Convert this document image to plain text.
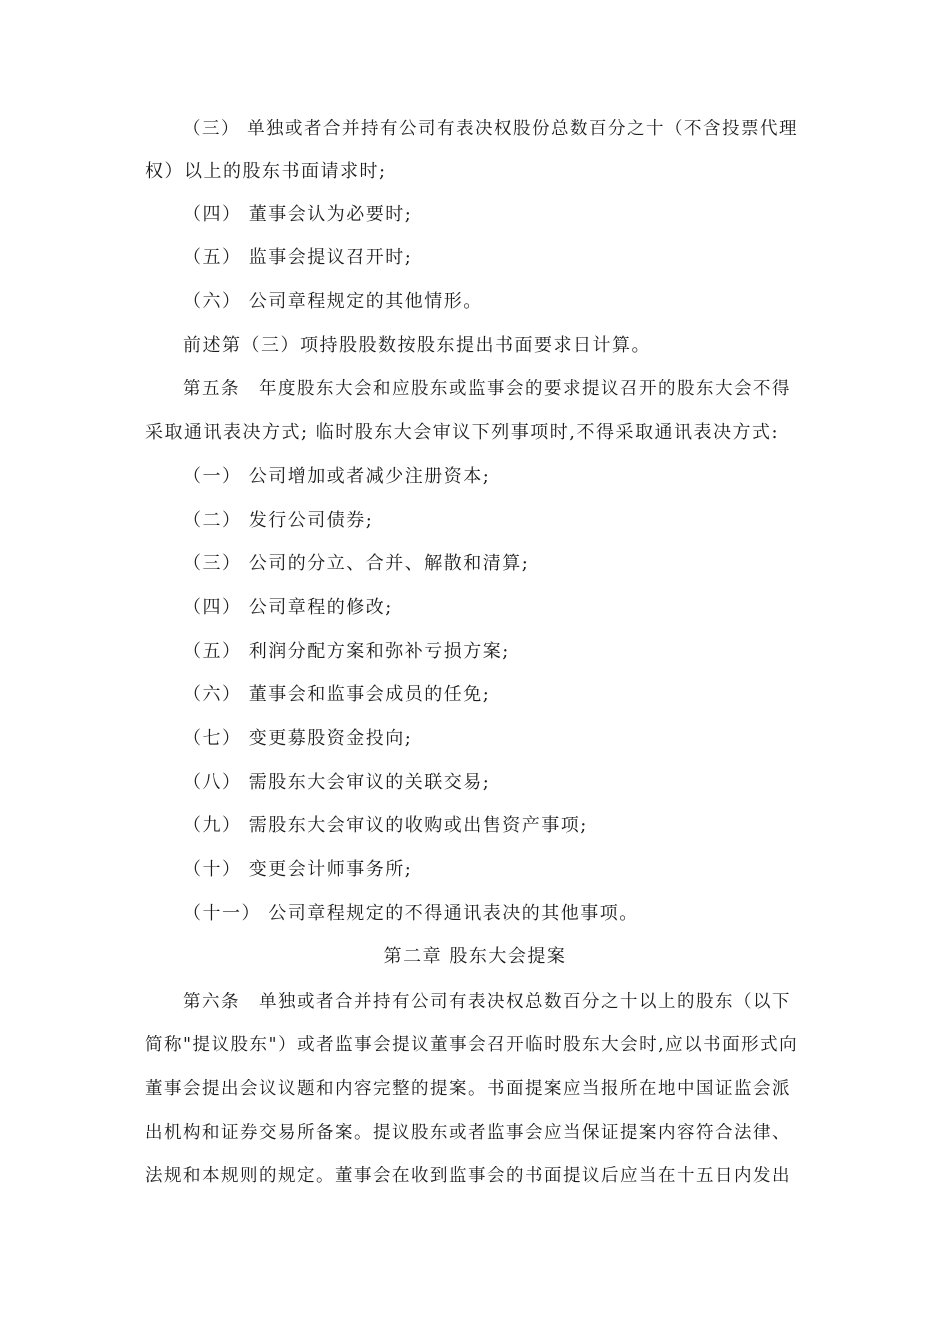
（三） 单独或者合并持有公司有表决权股份总数百分之十（不含投票代理
权）以上的股东书面请求时;
（四） 董事会认为必要时;
（五） 监事会提议召开时;
（六） 公司章程规定的其他情形。
前述第（三）项持股股数按股东提出书面要求日计算。
第五条　年度股东大会和应股东或监事会的要求提议召开的股东大会不得
采取通讯表决方式; 临时股东大会审议下列事项时,不得采取通讯表决方式:
（一） 公司增加或者减少注册资本;
（二） 发行公司债券;
（三） 公司的分立、合并、解散和清算;
（四） 公司章程的修改;
（五） 利润分配方案和弥补亏损方案;
（六） 董事会和监事会成员的任免;
（七） 变更募股资金投向;
（八） 需股东大会审议的关联交易;
（九） 需股东大会审议的收购或出售资产事项;
（十） 变更会计师事务所;
（十一） 公司章程规定的不得通讯表决的其他事项。
第二章 股东大会提案
第六条　单独或者合并持有公司有表决权总数百分之十以上的股东（以下
简称"提议股东"）或者监事会提议董事会召开临时股东大会时,应以书面形式向
董事会提出会议议题和内容完整的提案。书面提案应当报所在地中国证监会派
出机构和证券交易所备案。提议股东或者监事会应当保证提案内容符合法律、
法规和本规则的规定。董事会在收到监事会的书面提议后应当在十五日内发出
